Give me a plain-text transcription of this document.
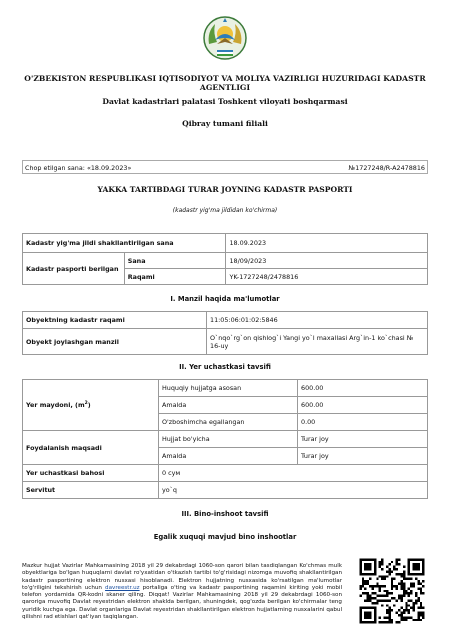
O'ZBEKISTON RESPUBLIKASI IQTISODIYOT VA MOLIYA VAZIRLIGI HUZURIDAGI KADASTR AGENTLIGI
Davlat kadastrlari palatasi Toshkent viloyati boshqarmasi
Qibray tumani filiali
Chop etilgan sana: «18.09.2023»	№1727248/R-A2478816
YAKKA TARTIBDAGI TURAR JOYNING KADASTR PASPORTI
(kadastr yig'ma jildidan ko'chirma)
Kadastr yig'ma jildi shakllantirilgan sana		18.09.2023
Kadastr pasporti berilgan	Sana	18/09/2023
	Raqami	YK-1727248/2478816
I. Manzil haqida ma'lumotlar
Obyektning kadastr raqami	11:05:06:01:02:5846
Obyekt joylashgan manzil	O`nqo`rg`on qishlog`i Yangi yo`l maxallasi Arg`in-1 ko`chasi № 16-uy
II. Yer uchastkasi tavsifi
Yer maydoni, $(m^2)$	Huquqiy hujjatga asosan	600.00
	Amalda	600.00
	O'zboshimcha egallangan	0.00
Foydalanish maqsadi	Hujjat bo'yicha	Turar joy
	Amalda	Turar joy
Yer uchastkasi bahosi	0 сум	
Servitut	yo`q	
III. Bino-inshoot tavsifi
Egalik xuquqi mavjud bino inshootlar
Mazkur hujjat Vazirlar Mahkamasining 2018 yil 29 dekabrdagi 1060-son qarori bilan tasdiqlangan Ko'chmas mulk obyektlariga bo'lgan huquqlarni davlat ro'yxatidan o'tkazish tartibi to'g'risidagi nizomga muvofiq shakllantirilgan kadastr pasportining elektron nusxasi hisoblanadi. Elektron hujjatning nusxasida ko'rsatilgan ma'lumotlar to'g'riligini tekshirish uchun davreestr.uz portaliga o'ting va kadastr pasportining raqamini kiriting yoki mobil telefon yordamida QR-kodni skaner qiling. Diqqat! Vazirlar Mahkamasining 2018 yil 29 dekabrdagi 1060-son qaroriga muvofiq Davlat reyestridan elektron shaklda berilgan, shuningdek, qog'ozda berilgan ko'chirmalar teng yuridik kuchga ega. Davlat organlariga Davlat reyestridan shakllantirilgan elektron hujjatlarning nusxalarini qabul qilishni rad etishlari qat'iyan taqiqlangan.
